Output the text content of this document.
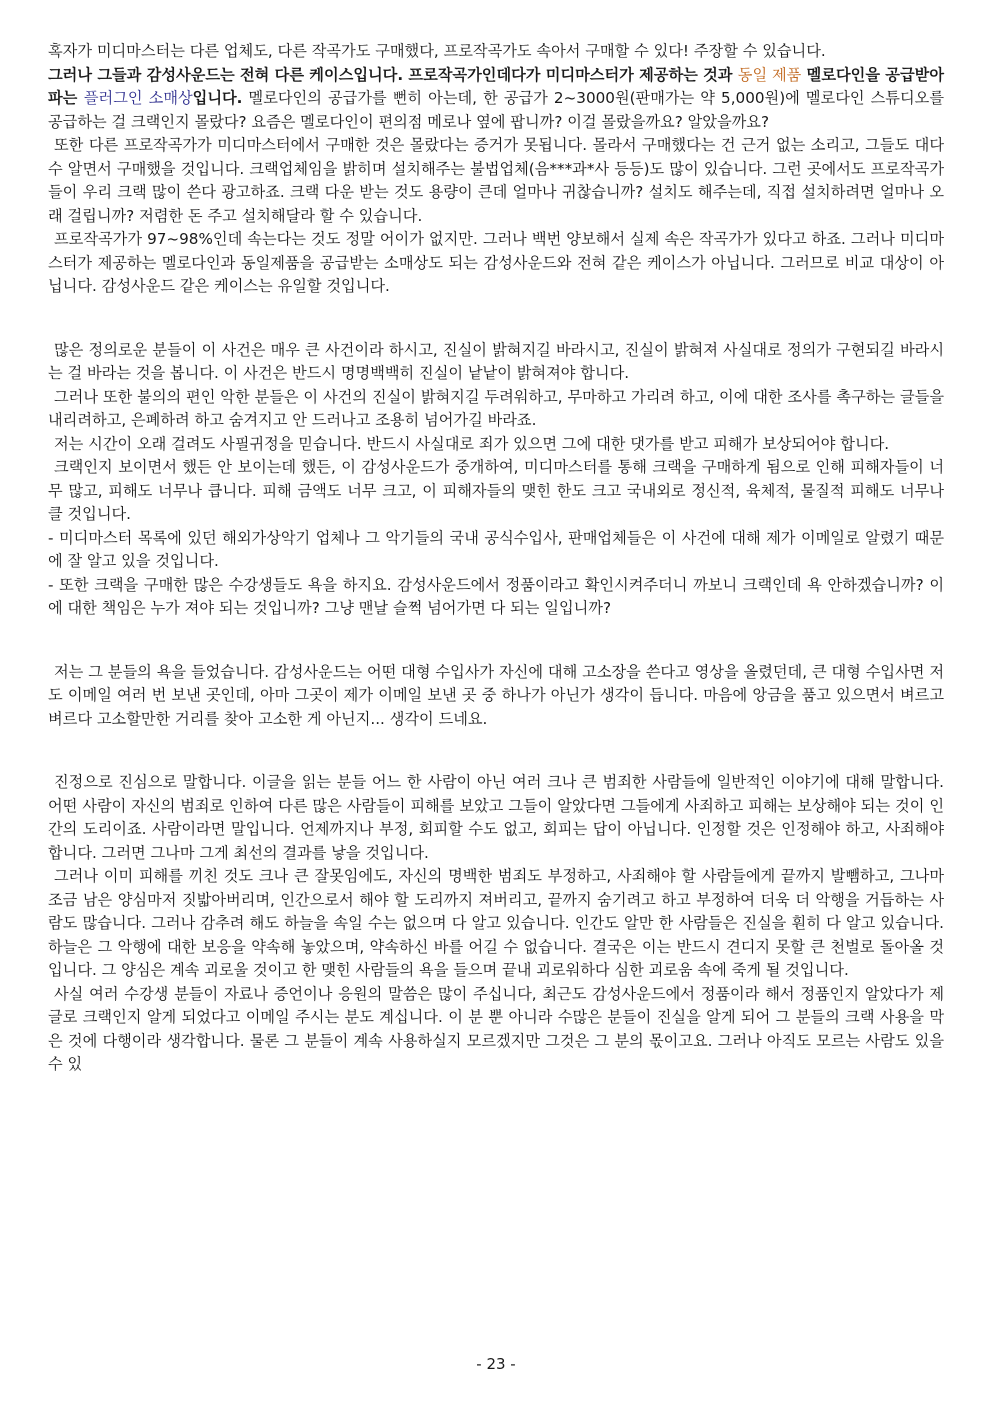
혹자가 미디마스터는 다른 업체도, 다른 작곡가도 구매했다, 프로작곡가도 속아서 구매할 수 있다! 주장할 수 있습니다.

그러나 그들과 감성사운드는 전혀 다른 케이스입니다. 프로작곡가인데다가 미디마스터가 제공하는 것과 동일 제품 멜로다인을 공급받아 파는 플러그인 소매상입니다. 멜로다인의 공급가를 뻔히 아는데, 한 공급가 2~3000원(판매가는 약 5,000원)에 멜로다인 스튜디오를 공급하는 걸 크랙인지 몰랐다? 요즘은 멜로다인이 편의점 메로나 옆에 팝니까? 이걸 몰랐을까요? 알았을까요?

또한 다른 프로작곡가가 미디마스터에서 구매한 것은 몰랐다는 증거가 못됩니다. 몰라서 구매했다는 건 근거 없는 소리고, 그들도 대다수 알면서 구매했을 것입니다. 크랙업체임을 밝히며 설치해주는 불법업체(음***과*사 등등)도 많이 있습니다. 그런 곳에서도 프로작곡가들이 우리 크랙 많이 쓴다 광고하죠. 크랙 다운 받는 것도 용량이 큰데 얼마나 귀찮습니까? 설치도 해주는데, 직접 설치하려면 얼마나 오래 걸립니까? 저렴한 돈 주고 설치해달라 할 수 있습니다.

프로작곡가가 97~98%인데 속는다는 것도 정말 어이가 없지만. 그러나 백번 양보해서 실제 속은 작곡가가 있다고 하죠. 그러나 미디마스터가 제공하는 멜로다인과 동일제품을 공급받는 소매상도 되는 감성사운드와 전혀 같은 케이스가 아닙니다. 그러므로 비교 대상이 아닙니다. 감성사운드 같은 케이스는 유일할 것입니다.

많은 정의로운 분들이 이 사건은 매우 큰 사건이라 하시고, 진실이 밝혀지길 바라시고, 진실이 밝혀져 사실대로 정의가 구현되길 바라시는 걸 바라는 것을 봅니다. 이 사건은 반드시 명명백백히 진실이 낱낱이 밝혀져야 합니다.

그러나 또한 불의의 편인 악한 분들은 이 사건의 진실이 밝혀지길 두려워하고, 무마하고 가리려 하고, 이에 대한 조사를 촉구하는 글들을 내리려하고, 은폐하려 하고 숨겨지고 안 드러나고 조용히 넘어가길 바라죠.

저는 시간이 오래 걸려도 사필귀정을 믿습니다. 반드시 사실대로 죄가 있으면 그에 대한 댓가를 받고 피해가 보상되어야 합니다.

크랙인지 보이면서 했든 안 보이는데 했든, 이 감성사운드가 중개하여, 미디마스터를 통해 크랙을 구매하게 됨으로 인해 피해자들이 너무 많고, 피해도 너무나 큽니다. 피해 금액도 너무 크고, 이 피해자들의 맺힌 한도 크고 국내외로 정신적, 육체적, 물질적 피해도 너무나 클 것입니다.

- 미디마스터 목록에 있던 해외가상악기 업체나 그 악기들의 국내 공식수입사, 판매업체들은 이 사건에 대해 제가 이메일로 알렸기 때문에 잘 알고 있을 것입니다.

- 또한 크랙을 구매한 많은 수강생들도 욕을 하지요. 감성사운드에서 정품이라고 확인시켜주더니 까보니 크랙인데 욕 안하겠습니까? 이에 대한 책임은 누가 져야 되는 것입니까? 그냥 맨날 슬쩍 넘어가면 다 되는 일입니까?

저는 그 분들의 욕을 들었습니다. 감성사운드는 어떤 대형 수입사가 자신에 대해 고소장을 쓴다고 영상을 올렸던데, 큰 대형 수입사면 저도 이메일 여러 번 보낸 곳인데, 아마 그곳이 제가 이메일 보낸 곳 중 하나가 아닌가 생각이 듭니다. 마음에 앙금을 품고 있으면서 벼르고 벼르다 고소할만한 거리를 찾아 고소한 게 아닌지... 생각이 드네요.

진정으로 진심으로 말합니다. 이글을 읽는 분들 어느 한 사람이 아닌 여러 크나 큰 범죄한 사람들에 일반적인 이야기에 대해 말합니다. 어떤 사람이 자신의 범죄로 인하여 다른 많은 사람들이 피해를 보았고 그들이 알았다면 그들에게 사죄하고 피해는 보상해야 되는 것이 인간의 도리이죠. 사람이라면 말입니다. 언제까지나 부정, 회피할 수도 없고, 회피는 답이 아닙니다. 인정할 것은 인정해야 하고, 사죄해야 합니다. 그러면 그나마 그게 최선의 결과를 낳을 것입니다.

그러나 이미 피해를 끼친 것도 크나 큰 잘못임에도, 자신의 명백한 범죄도 부정하고, 사죄해야 할 사람들에게 끝까지 발뺌하고, 그나마 조금 남은 양심마저 짓밟아버리며, 인간으로서 해야 할 도리까지 져버리고, 끝까지 숨기려고 하고 부정하여 더욱 더 악행을 거듭하는 사람도 많습니다. 그러나 감추려 해도 하늘을 속일 수는 없으며 다 알고 있습니다. 인간도 알만 한 사람들은 진실을 훤히 다 알고 있습니다. 하늘은 그 악행에 대한 보응을 약속해 놓았으며, 약속하신 바를 어길 수 없습니다. 결국은 이는 반드시 견디지 못할 큰 천벌로 돌아올 것입니다. 그 양심은 계속 괴로울 것이고 한 맺힌 사람들의 욕을 들으며 끝내 괴로워하다 심한 괴로움 속에 죽게 될 것입니다.

사실 여러 수강생 분들이 자료나 증언이나 응원의 말씀은 많이 주십니다, 최근도 감성사운드에서 정품이라 해서 정품인지 알았다가 제 글로 크랙인지 알게 되었다고 이메일 주시는 분도 계십니다. 이 분 뿐 아니라 수많은 분들이 진실을 알게 되어 그 분들의 크랙 사용을 막은 것에 다행이라 생각합니다. 물론 그 분들이 계속 사용하실지 모르겠지만 그것은 그 분의 몫이고요. 그러나 아직도 모르는 사람도 있을 수 있

- 23 -
